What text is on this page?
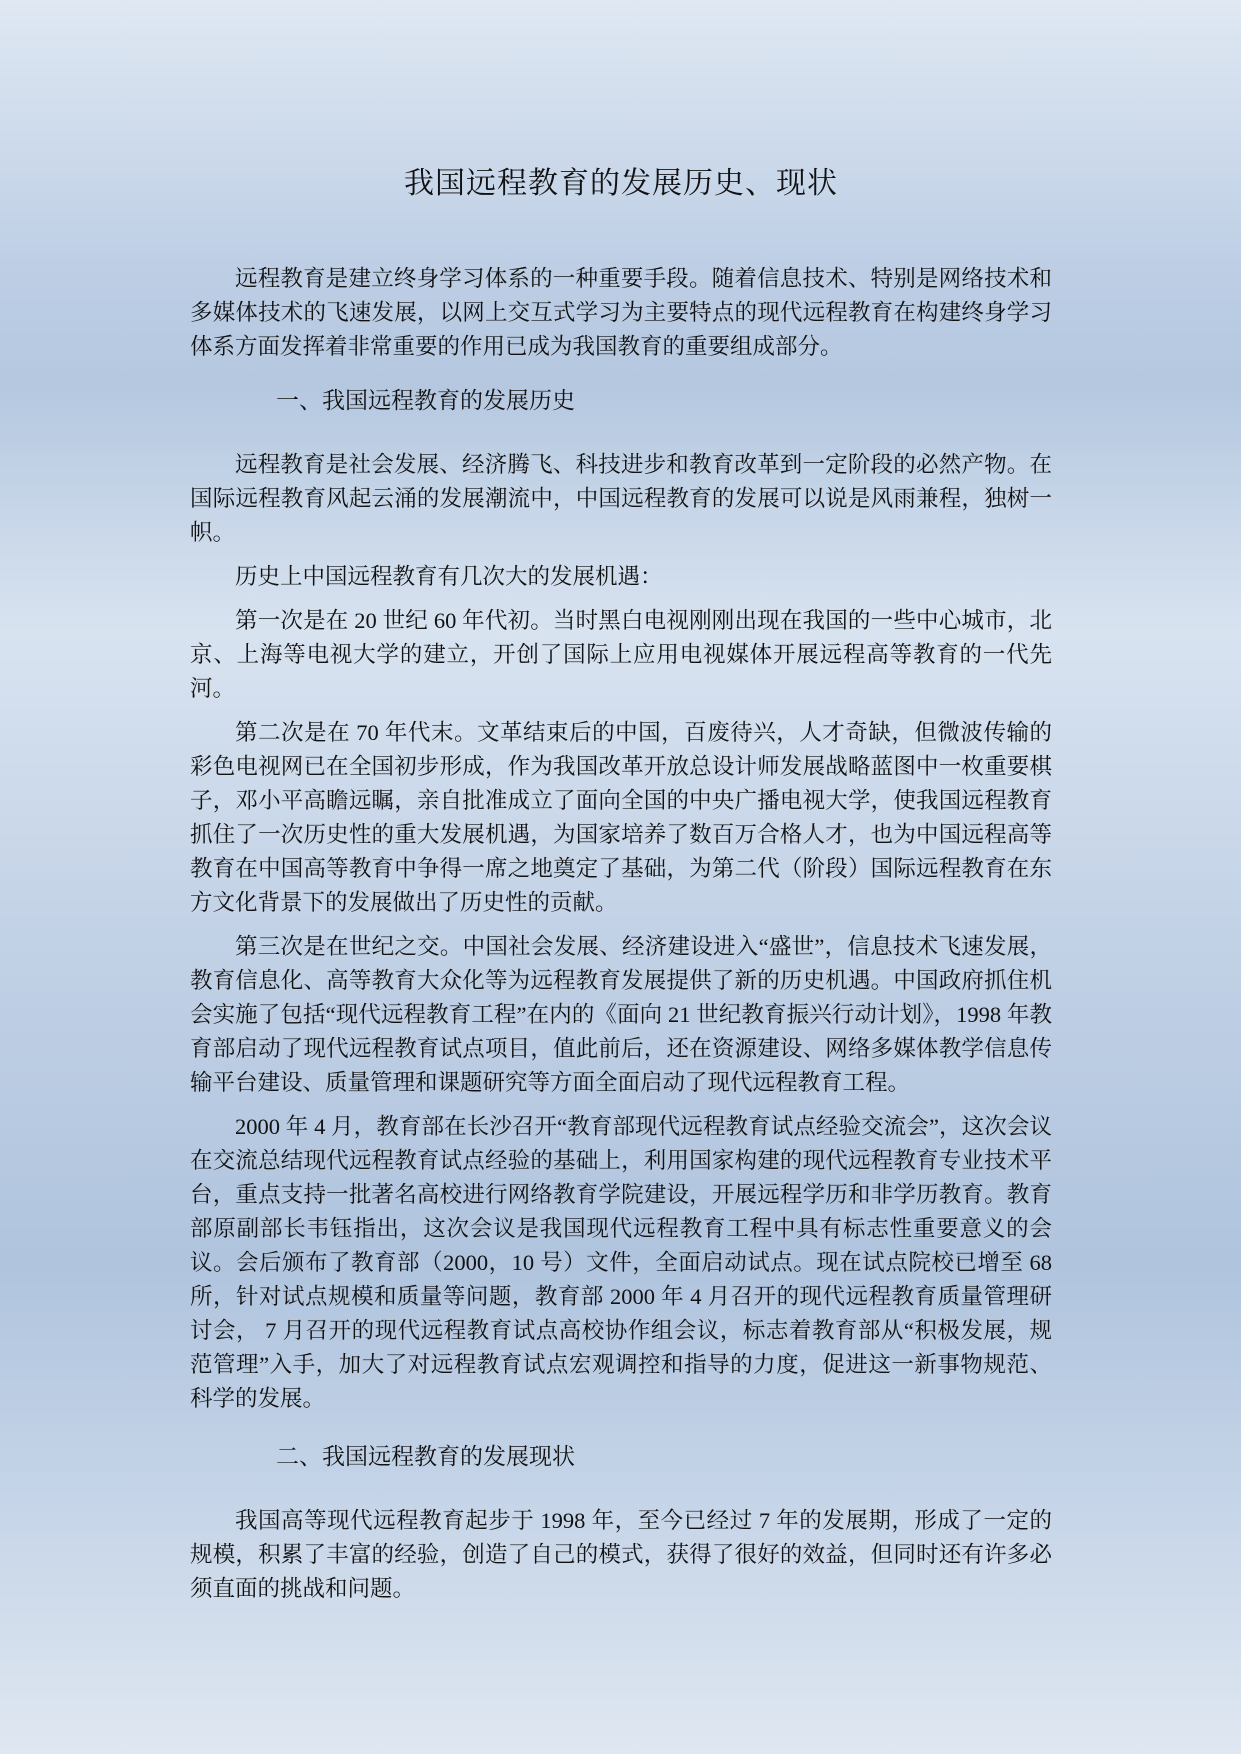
我国远程教育的发展历史、现状

远程教育是建立终身学习体系的一种重要手段。随着信息技术、特别是网络技术和多媒体技术的飞速发展，以网上交互式学习为主要特点的现代远程教育在构建终身学习体系方面发挥着非常重要的作用已成为我国教育的重要组成部分。

一、我国远程教育的发展历史

远程教育是社会发展、经济腾飞、科技进步和教育改革到一定阶段的必然产物。在国际远程教育风起云涌的发展潮流中，中国远程教育的发展可以说是风雨兼程，独树一帜。

历史上中国远程教育有几次大的发展机遇：

第一次是在 20 世纪 60 年代初。当时黑白电视刚刚出现在我国的一些中心城市，北京、上海等电视大学的建立，开创了国际上应用电视媒体开展远程高等教育的一代先河。

第二次是在 70 年代末。文革结束后的中国，百废待兴，人才奇缺，但微波传输的彩色电视网已在全国初步形成，作为我国改革开放总设计师发展战略蓝图中一枚重要棋子，邓小平高瞻远瞩，亲自批准成立了面向全国的中央广播电视大学，使我国远程教育抓住了一次历史性的重大发展机遇，为国家培养了数百万合格人才，也为中国远程高等教育在中国高等教育中争得一席之地奠定了基础，为第二代（阶段）国际远程教育在东方文化背景下的发展做出了历史性的贡献。

第三次是在世纪之交。中国社会发展、经济建设进入“盛世”，信息技术飞速发展，教育信息化、高等教育大众化等为远程教育发展提供了新的历史机遇。中国政府抓住机会实施了包括“现代远程教育工程”在内的《面向 21 世纪教育振兴行动计划》，1998 年教育部启动了现代远程教育试点项目，值此前后，还在资源建设、网络多媒体教学信息传输平台建设、质量管理和课题研究等方面全面启动了现代远程教育工程。

2000 年 4 月，教育部在长沙召开“教育部现代远程教育试点经验交流会”，这次会议在交流总结现代远程教育试点经验的基础上，利用国家构建的现代远程教育专业技术平台，重点支持一批著名高校进行网络教育学院建设，开展远程学历和非学历教育。教育部原副部长韦钰指出，这次会议是我国现代远程教育工程中具有标志性重要意义的会议。会后颁布了教育部（2000，10 号）文件，全面启动试点。现在试点院校已增至 68 所，针对试点规模和质量等问题，教育部 2000 年 4 月召开的现代远程教育质量管理研讨会， 7 月召开的现代远程教育试点高校协作组会议，标志着教育部从“积极发展，规范管理”入手，加大了对远程教育试点宏观调控和指导的力度，促进这一新事物规范、科学的发展。

二、我国远程教育的发展现状

我国高等现代远程教育起步于 1998 年，至今已经过 7 年的发展期，形成了一定的规模，积累了丰富的经验，创造了自己的模式，获得了很好的效益，但同时还有许多必须直面的挑战和问题。
